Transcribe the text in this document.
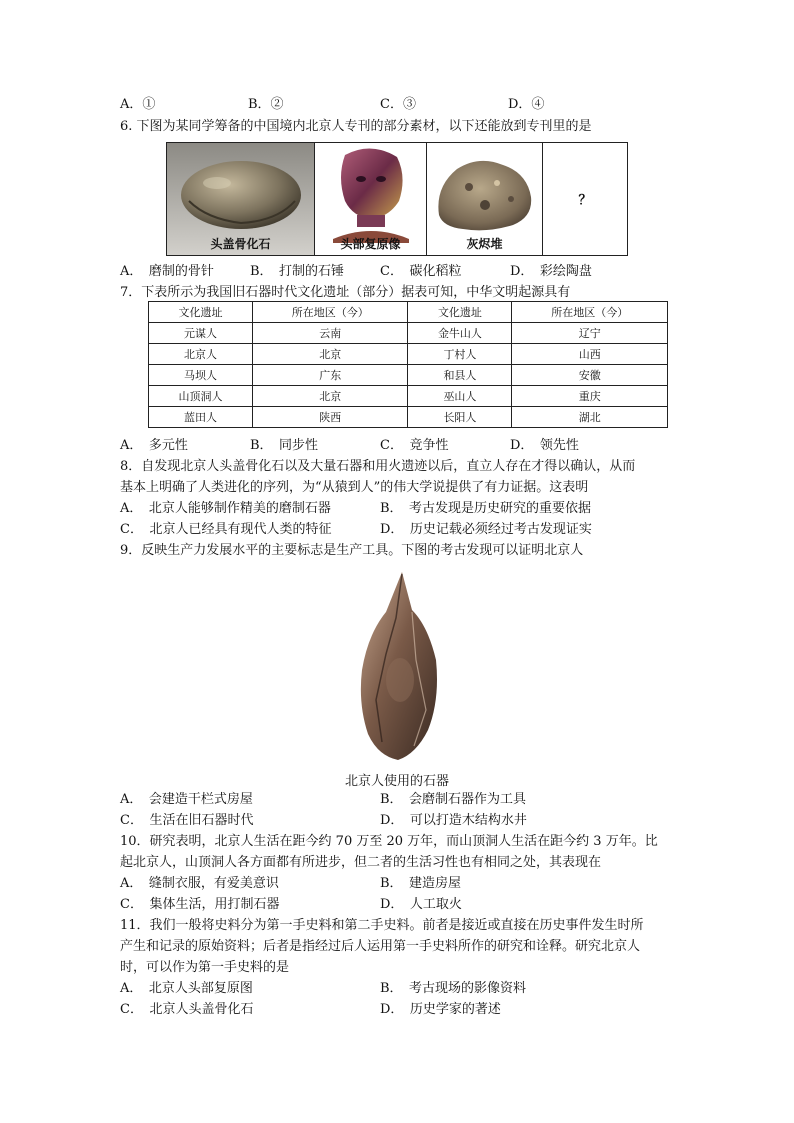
A．①	B．②	C．③	D．④
6. 下图为某同学筹备的中国境内北京人专刊的部分素材，以下还能放到专刊里的是
头盖骨化石	头部复原像	灰烬堆
？
A．　磨制的骨针	B．　打制的石锤	C．　碳化稻粒	D．　彩绘陶盘
7．下表所示为我国旧石器时代文化遗址（部分）据表可知，中华文明起源具有
文化遗址	所在地区（今）	文化遗址	所在地区（今）
元谋人	云南	金牛山人	辽宁
北京人	北京	丁村人	山西
马坝人	广东	和县人	安徽
山顶洞人	北京	巫山人	重庆
蓝田人	陕西	长阳人	湖北
A．　多元性	B．　同步性	C．　竞争性	D．　领先性
8．自发现北京人头盖骨化石以及大量石器和用火遗迹以后，直立人存在才得以确认，从而
基本上明确了人类进化的序列，为“从猿到人”的伟大学说提供了有力证据。这表明
A．　北京人能够制作精美的磨制石器	B．　考古发现是历史研究的重要依据
C．　北京人已经具有现代人类的特征	D．　历史记载必须经过考古发现证实
9．反映生产力发展水平的主要标志是生产工具。下图的考古发现可以证明北京人
北京人使用的石器
A．　会建造干栏式房屋	B．　会磨制石器作为工具
C．　生活在旧石器时代	D．　可以打造木结构水井
10．研究表明，北京人生活在距今约 70 万至 20 万年，而山顶洞人生活在距今约 3 万年。比
起北京人，山顶洞人各方面都有所进步，但二者的生活习性也有相同之处，其表现在
A．　缝制衣服，有爱美意识	B．　建造房屋
C．　集体生活，用打制石器	D．　人工取火
11．我们一般将史料分为第一手史料和第二手史料。前者是接近或直接在历史事件发生时所
产生和记录的原始资料；后者是指经过后人运用第一手史料所作的研究和诠释。研究北京人
时，可以作为第一手史料的是
A．　北京人头部复原图	B．　考古现场的影像资料
C．　北京人头盖骨化石	D．　历史学家的著述
